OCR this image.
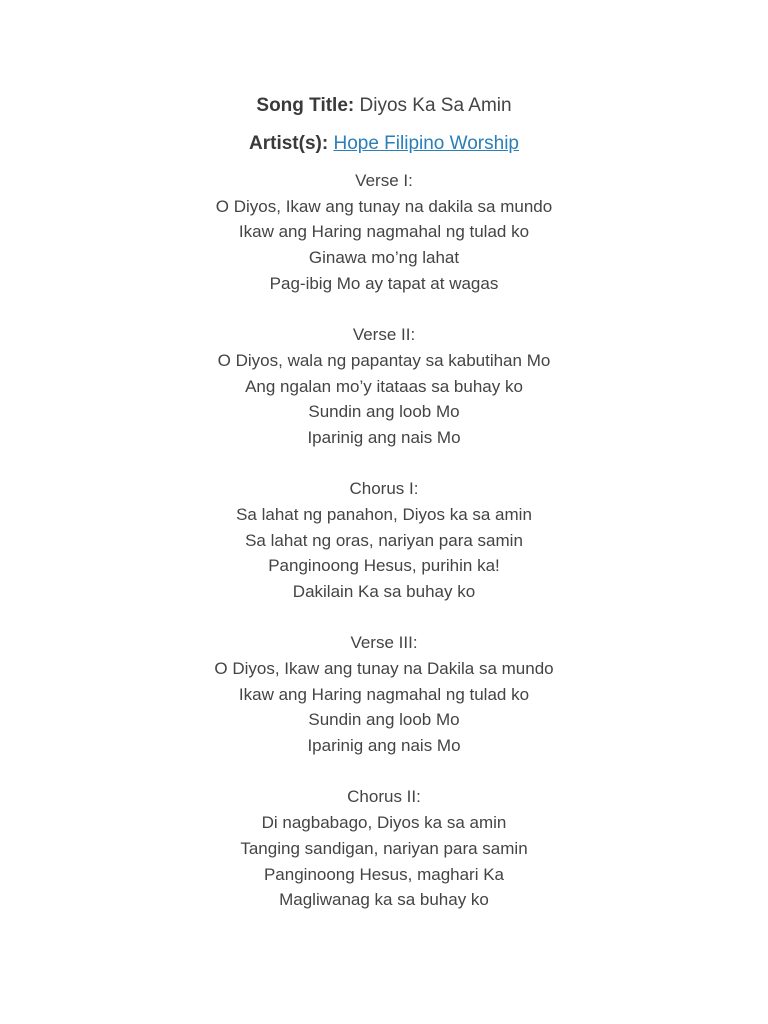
Song Title: Diyos Ka Sa Amin

Artist(s): Hope Filipino Worship

Verse I:

O Diyos, Ikaw ang tunay na dakila sa mundo

Ikaw ang Haring nagmahal ng tulad ko

Ginawa mo’ng lahat

Pag-ibig Mo ay tapat at wagas

Verse II:

O Diyos, wala ng papantay sa kabutihan Mo

Ang ngalan mo’y itataas sa buhay ko

Sundin ang loob Mo

Iparinig ang nais Mo

Chorus I:

Sa lahat ng panahon, Diyos ka sa amin

Sa lahat ng oras, nariyan para samin

Panginoong Hesus, purihin ka!

Dakilain Ka sa buhay ko

Verse III:

O Diyos, Ikaw ang tunay na Dakila sa mundo

Ikaw ang Haring nagmahal ng tulad ko

Sundin ang loob Mo

Iparinig ang nais Mo

Chorus II:

Di nagbabago, Diyos ka sa amin

Tanging sandigan, nariyan para samin

Panginoong Hesus, maghari Ka

Magliwanag ka sa buhay ko
